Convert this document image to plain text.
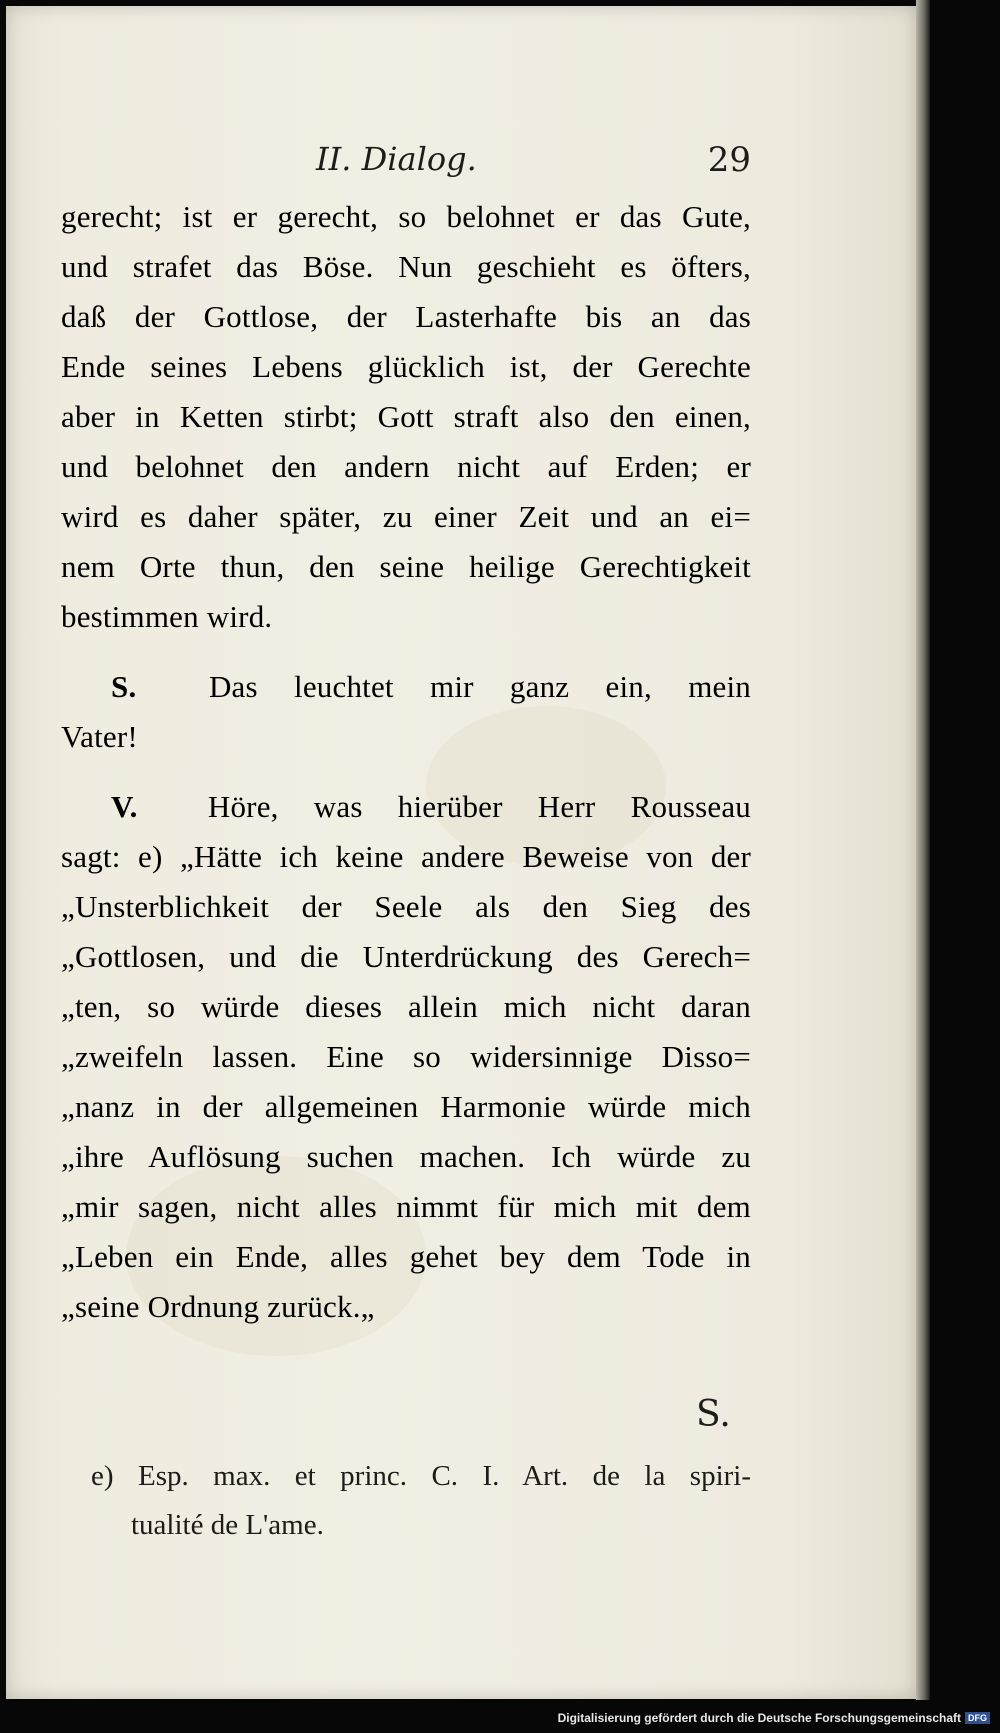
II. Dialog.	29
gerecht; ist er gerecht, so belohnet er das Gute,
und strafet das Böse. Nun geschieht es öfters,
daß der Gottlose, der Lasterhafte bis an das
Ende seines Lebens glücklich ist, der Gerechte
aber in Ketten stirbt; Gott straft also den einen,
und belohnet den andern nicht auf Erden; er
wird es daher später, zu einer Zeit und an ei=
nem Orte thun, den seine heilige Gerechtigkeit
bestimmen wird.
S. Das leuchtet mir ganz ein, mein
Vater!
V. Höre, was hierüber Herr Rousseau
sagt: e) „Hätte ich keine andere Beweise von der
„Unsterblichkeit der Seele als den Sieg des
„Gottlosen, und die Unterdrückung des Gerech=
„ten, so würde dieses allein mich nicht daran
„zweifeln lassen. Eine so widersinnige Disso=
„nanz in der allgemeinen Harmonie würde mich
„ihre Auflösung suchen machen. Ich würde zu
„mir sagen, nicht alles nimmt für mich mit dem
„Leben ein Ende, alles gehet bey dem Tode in
„seine Ordnung zurück.„
S.
e) Esp. max. et princ. C. I. Art. de la spiri-
tualité de L'ame.
Digitalisierung gefördert durch die Deutsche Forschungsgemeinschaft DFG
